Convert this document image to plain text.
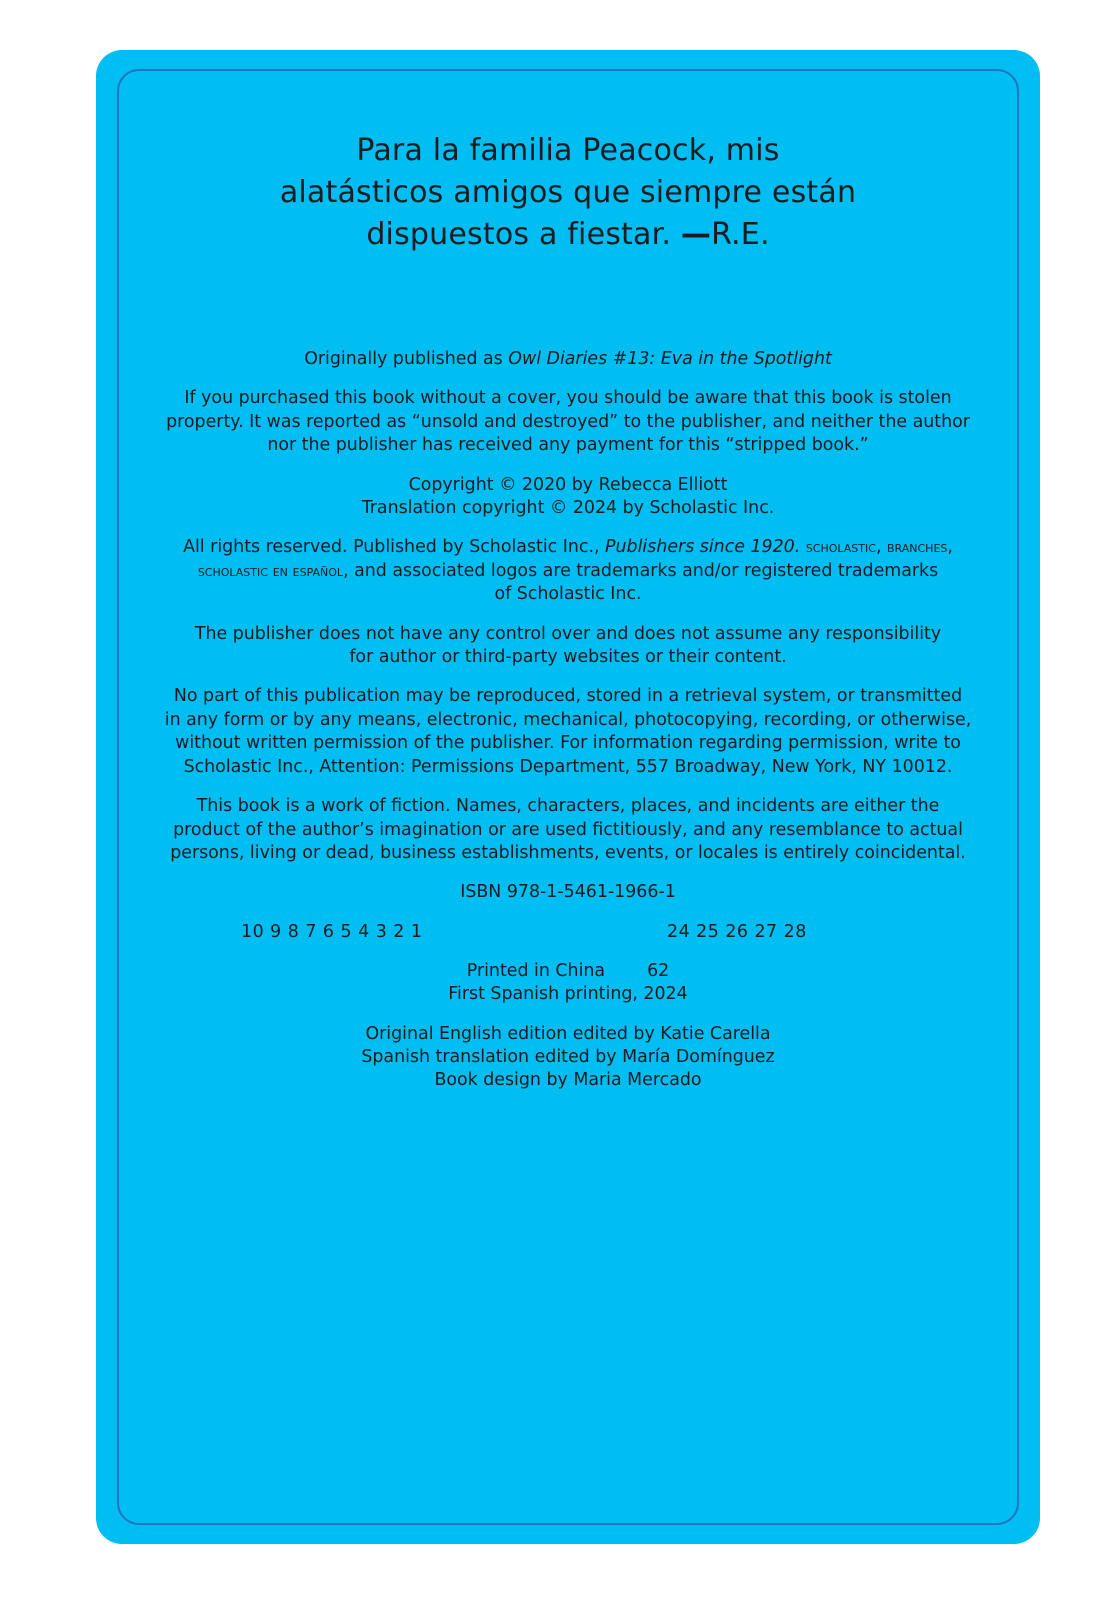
Para la familia Peacock, mis
alatásticos amigos que siempre están
dispuestos a fiestar. —R.E.

Originally published as Owl Diaries #13: Eva in the Spotlight

If you purchased this book without a cover, you should be aware that this book is stolen
property. It was reported as “unsold and destroyed” to the publisher, and neither the author
nor the publisher has received any payment for this “stripped book.”

Copyright © 2020 by Rebecca Elliott
Translation copyright © 2024 by Scholastic Inc.

All rights reserved. Published by Scholastic Inc., Publishers since 1920. scholastic, branches,
scholastic en español, and associated logos are trademarks and/or registered trademarks
of Scholastic Inc.

The publisher does not have any control over and does not assume any responsibility
for author or third-party websites or their content.

No part of this publication may be reproduced, stored in a retrieval system, or transmitted
in any form or by any means, electronic, mechanical, photocopying, recording, or otherwise,
without written permission of the publisher. For information regarding permission, write to
Scholastic Inc., Attention: Permissions Department, 557 Broadway, New York, NY 10012.

This book is a work of fiction. Names, characters, places, and incidents are either the
product of the author’s imagination or are used fictitiously, and any resemblance to actual
persons, living or dead, business establishments, events, or locales is entirely coincidental.

ISBN 978-1-5461-1966-1

10 9 8 7 6 5 4 3 2 1	24 25 26 27 28

Printed in China 62
First Spanish printing, 2024

Original English edition edited by Katie Carella
Spanish translation edited by María Domínguez
Book design by Maria Mercado
